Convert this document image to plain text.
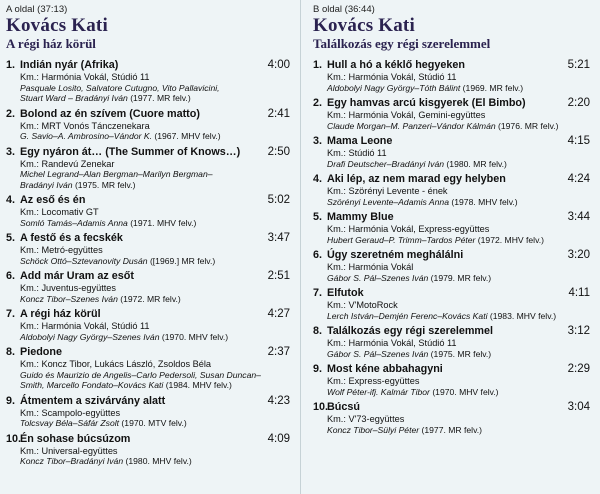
A oldal (37:13)
Kovács Kati
A régi ház körül
1. Indián nyár (Afrika)	4:00
Km.: Harmónia Vokál, Stúdió 11
Pasquale Losito, Salvatore Cutugno, Vito Pallavicini,
Stuart Ward – Bradányi Iván (1977. MR felv.)
2. Bolond az én szívem (Cuore matto)	2:41
Km.: MRT Vonós Tánczenekara
G. Savio–A. Ambrosino–Vándor K. (1967. MHV felv.)
3. Egy nyáron át… (The Summer of Knows…) 2:50
Km.: Randevú Zenekar
Michel Legrand–Alan Bergman–Marilyn Bergman–
Bradányi Iván (1975. MR felv.)
4. Az eső és én	5:02
Km.: Locomativ GT
Somló Tamás–Adamis Anna (1971. MHV felv.)
5. A festő és a fecskék	3:47
Km.: Metró-együttes
Schöck Ottó–Sztevanovity Dusán ([1969.] MR felv.)
6. Add már Uram az esőt	2:51
Km.: Juventus-együttes
Koncz Tibor–Szenes Iván (1972. MR felv.)
7. A régi ház körül	4:27
Km.: Harmónia Vokál, Stúdió 11
Aldobolyi Nagy György–Szenes Iván (1970. MHV felv.)
8. Piedone	2:37
Km.: Koncz Tibor, Lukács László, Zsoldos Béla
Guido és Maurizio de Angelis–Carlo Pedersoli, Susan Duncan–
Smith, Marcello Fondato–Kovács Kati (1984. MHV felv.)
9. Átmentem a szivárvány alatt	4:23
Km.: Scampolo-együttes
Tolcsvay Béla–Sáfár Zsolt (1970. MTV felv.)
10.Én sohase búcsúzom	4:09
Km.: Universal-együttes
Koncz Tibor–Bradányi Iván (1980. MHV felv.)
B oldal (36:44)
Kovács Kati
Találkozás egy régi szerelemmel
1. Hull a hó a kéklő hegyeken	5:21
Km.: Harmónia Vokál, Stúdió 11
Aldobolyi Nagy György–Tóth Bálint (1969. MR felv.)
2. Egy hamvas arcú kisgyerek (El Bimbo)	2:20
Km.: Harmónia Vokál, Gemini-együttes
Claude Morgan–M. Panzeri–Vándor Kálmán (1976. MR felv.)
3. Mama Leone	4:15
Km.: Stúdió 11
Drafi Deutscher–Bradányi Iván (1980. MR felv.)
4. Aki lép, az nem marad egy helyben	4:24
Km.: Szörényi Levente - ének
Szörényi Levente–Adamis Anna (1978. MHV felv.)
5. Mammy Blue	3:44
Km.: Harmónia Vokál, Express-együttes
Hubert Geraud–P. Trimm–Tardos Péter (1972. MHV felv.)
6. Úgy szeretném meghálálni	3:20
Km.: Harmónia Vokál
Gábor S. Pál–Szenes Iván (1979. MR felv.)
7. Elfutok	4:11
Km.: V'MotoRock
Lerch István–Demjén Ferenc–Kovács Kati (1983. MHV felv.)
8. Találkozás egy régi szerelemmel	3:12
Km.: Harmónia Vokál, Stúdió 11
Gábor S. Pál–Szenes Iván (1975. MR felv.)
9. Most kéne abbahagyni	2:29
Km.: Express-együttes
Wolf Péter-ifj. Kalmár Tibor (1970. MHV felv.)
10.Búcsú	3:04
Km.: V'73-együttes
Koncz Tibor–Sülyi Péter (1977. MR felv.)
